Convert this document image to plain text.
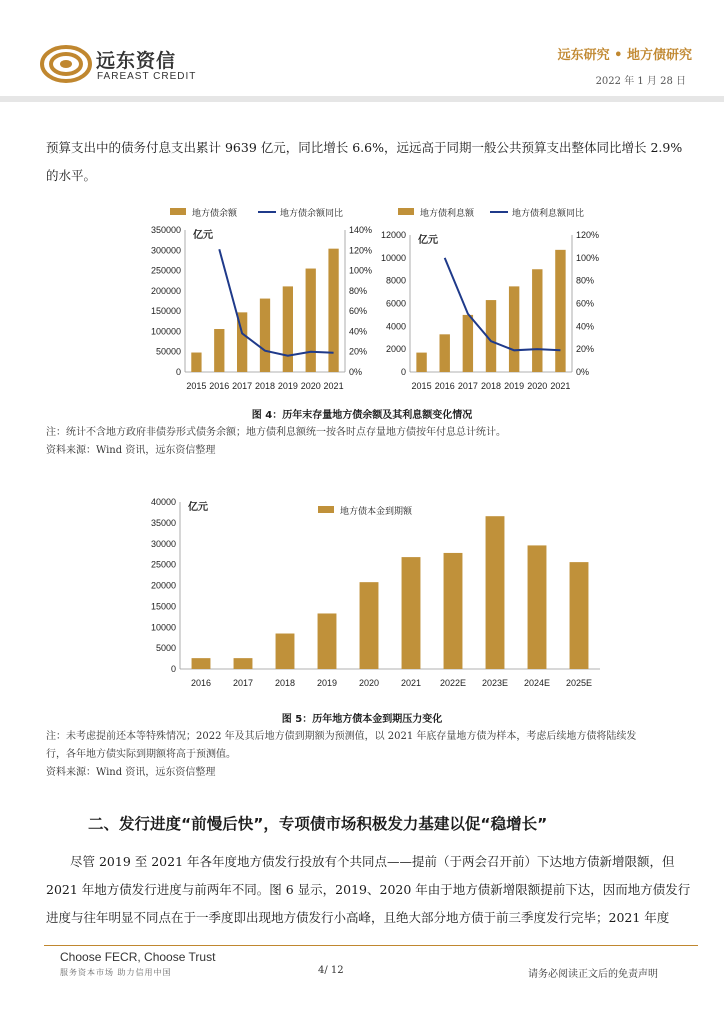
远东资信
FAREAST CREDIT
远东研究 • 地方债研究
2022 年 1 月 28 日
预算支出中的债务付息支出累计 9639 亿元，同比增长 6.6%，远远高于同期一般公共预算支出整体同比增长 2.9%
的水平。
0
50000
100000
150000
200000
250000
300000
350000
0%
20%
40%
60%
80%
100%
120%
140%
亿元
2015 2016 2017 2018 2019 2020 2021
地方债余额	地方债余额同比
0
2000
4000
6000
8000
10000
12000
0%
20%
40%
60%
80%
100%
120%
亿元
2015 2016 2017 2018 2019 2020 2021
地方债利息额	地方债利息额同比
图 4：历年末存量地方债余额及其利息额变化情况
注：统计不含地方政府非债券形式债务余额；地方债利息额统一按各时点存量地方债按年付息总计统计。
资料来源：Wind 资讯，远东资信整理
0
5000
10000
15000
20000
25000
30000
35000
40000 亿元
2016 2017 2018 2019 2020 2021 2022E 2023E 2024E 2025E
地方债本金到期额
图 5：历年地方债本金到期压力变化
注：未考虑提前还本等特殊情况；2022 年及其后地方债到期额为预测值，以 2021 年底存量地方债为样本，考虑后续地方债将陆续发
行，各年地方债实际到期额将高于预测值。
资料来源：Wind 资讯，远东资信整理
二、发行进度“前慢后快”，专项债市场积极发力基建以促“稳增长”
尽管 2019 至 2021 年各年度地方债发行投放有个共同点——提前（于两会召开前）下达地方债新增限额，但
2021 年地方债发行进度与前两年不同。图 6 显示，2019、2020 年由于地方债新增限额提前下达，因而地方债发行
进度与往年明显不同点在于一季度即出现地方债发行小高峰，且绝大部分地方债于前三季度发行完毕；2021 年度
Choose FECR, Choose Trust
服务资本市场 助力信用中国	4/ 12	请务必阅读正文后的免责声明
